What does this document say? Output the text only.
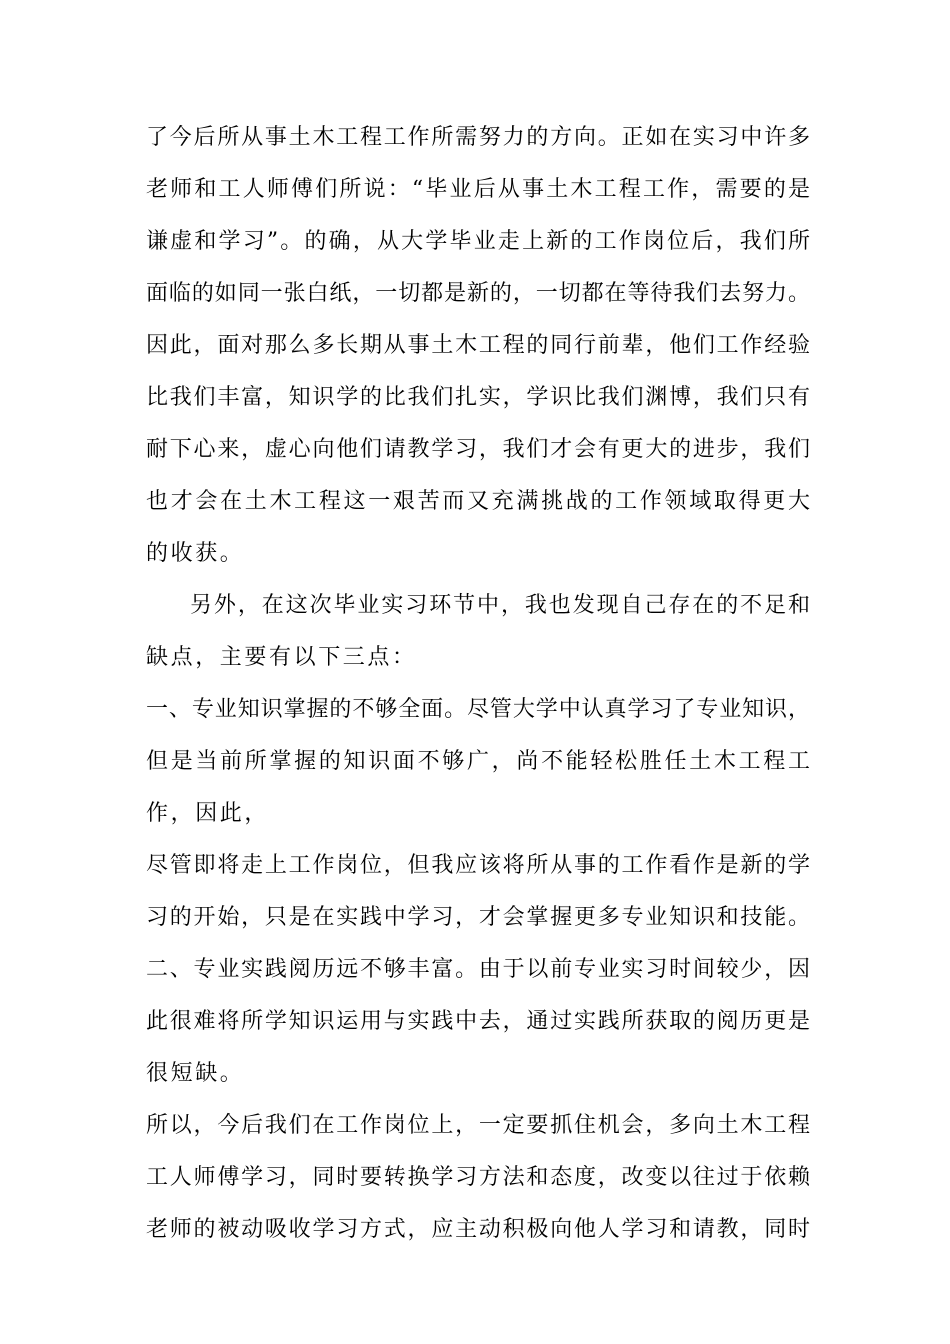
了今后所从事土木工程工作所需努力的方向。正如在实习中许多
老师和工人师傅们所说：“毕业后从事土木工程工作，需要的是
谦虚和学习”。的确，从大学毕业走上新的工作岗位后，我们所
面临的如同一张白纸，一切都是新的，一切都在等待我们去努力。
因此，面对那么多长期从事土木工程的同行前辈，他们工作经验
比我们丰富，知识学的比我们扎实，学识比我们渊博，我们只有
耐下心来，虚心向他们请教学习，我们才会有更大的进步，我们
也才会在土木工程这一艰苦而又充满挑战的工作领域取得更大
的收获。
另外，在这次毕业实习环节中，我也发现自己存在的不足和
缺点，主要有以下三点：
一、专业知识掌握的不够全面。尽管大学中认真学习了专业知识，
但是当前所掌握的知识面不够广，尚不能轻松胜任土木工程工
作，因此，
尽管即将走上工作岗位，但我应该将所从事的工作看作是新的学
习的开始，只是在实践中学习，才会掌握更多专业知识和技能。
二、专业实践阅历远不够丰富。由于以前专业实习时间较少，因
此很难将所学知识运用与实践中去，通过实践所获取的阅历更是
很短缺。
所以，今后我们在工作岗位上，一定要抓住机会，多向土木工程
工人师傅学习，同时要转换学习方法和态度，改变以往过于依赖
老师的被动吸收学习方式，应主动积极向他人学习和请教，同时
